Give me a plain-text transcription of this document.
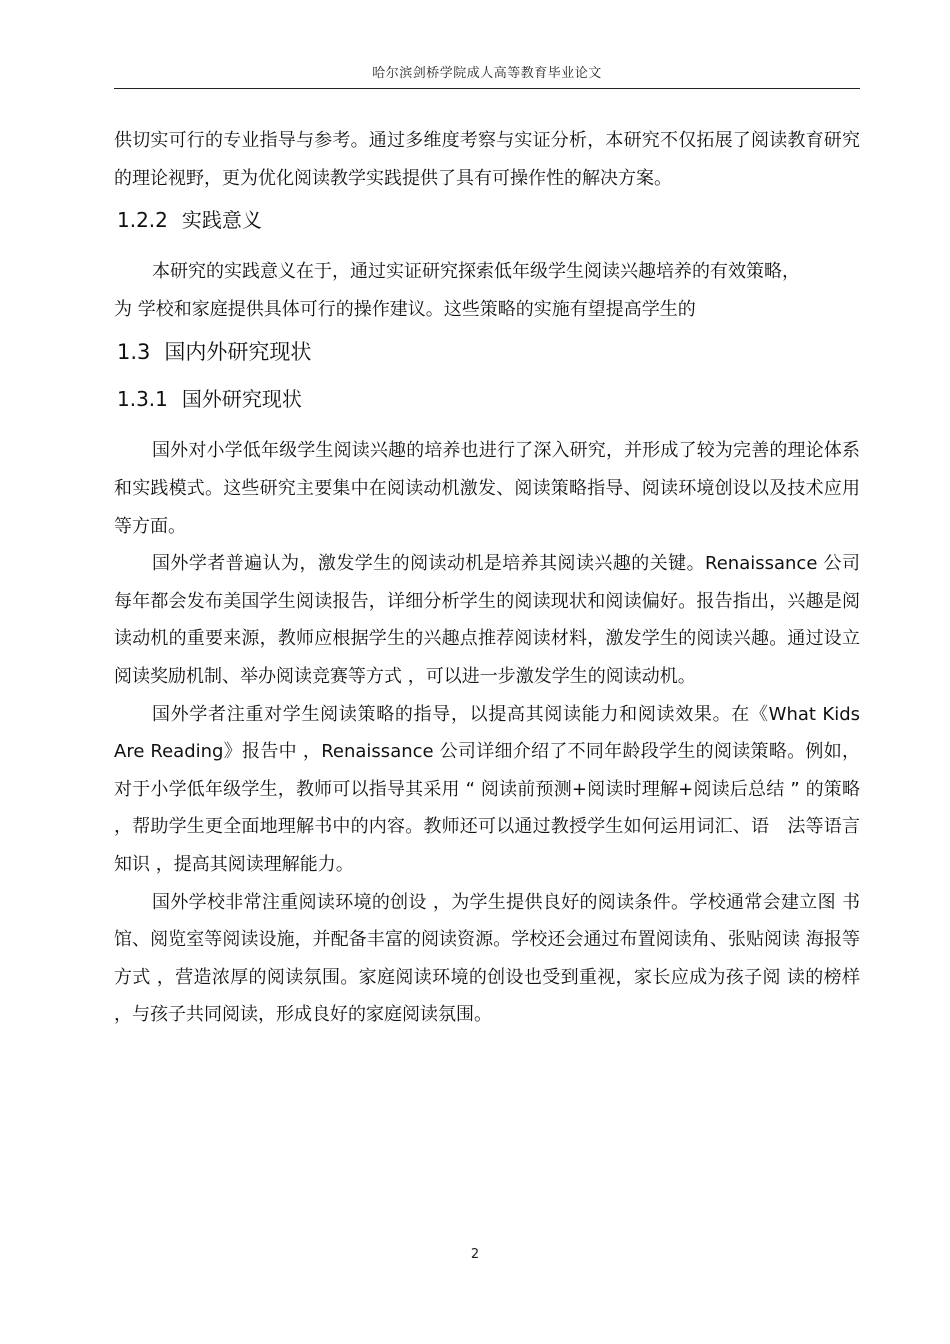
哈尔滨剑桥学院成人高等教育毕业论文

供切实可行的专业指导与参考。通过多维度考察与实证分析，本研究不仅拓展了阅读教育研究的理论视野，更为优化阅读教学实践提供了具有可操作性的解决方案。

1.2.2 实践意义

本研究的实践意义在于，通过实证研究探索低年级学生阅读兴趣培养的有效策略，

为 学校和家庭提供具体可行的操作建议。这些策略的实施有望提高学生的

1.3 国内外研究现状
1.3.1 国外研究现状

国外对小学低年级学生阅读兴趣的培养也进行了深入研究，并形成了较为完善的理论体系和实践模式。这些研究主要集中在阅读动机激发、阅读策略指导、阅读环境创设以及技术应用等方面。

国外学者普遍认为，激发学生的阅读动机是培养其阅读兴趣的关键。Renaissance 公司每年都会发布美国学生阅读报告，详细分析学生的阅读现状和阅读偏好。报告指出，兴趣是阅读动机的重要来源，教师应根据学生的兴趣点推荐阅读材料，激发学生的阅读兴趣。通过设立阅读奖励机制、举办阅读竞赛等方式 ，可以进一步激发学生的阅读动机。

国外学者注重对学生阅读策略的指导，以提高其阅读能力和阅读效果。在《What Kids Are Reading》报告中 ，Renaissance 公司详细介绍了不同年龄段学生的阅读策略。例如，对于小学低年级学生，教师可以指导其采用 “ 阅读前预测+阅读时理解+阅读后总结 ” 的策略 ，帮助学生更全面地理解书中的内容。教师还可以通过教授学生如何运用词汇、语　法等语言知识 ，提高其阅读理解能力。

国外学校非常注重阅读环境的创设 ，为学生提供良好的阅读条件。学校通常会建立图 书馆、阅览室等阅读设施，并配备丰富的阅读资源。学校还会通过布置阅读角、张贴阅读 海报等方式 ，营造浓厚的阅读氛围。家庭阅读环境的创设也受到重视，家长应成为孩子阅 读的榜样 ，与孩子共同阅读，形成良好的家庭阅读氛围。

2
